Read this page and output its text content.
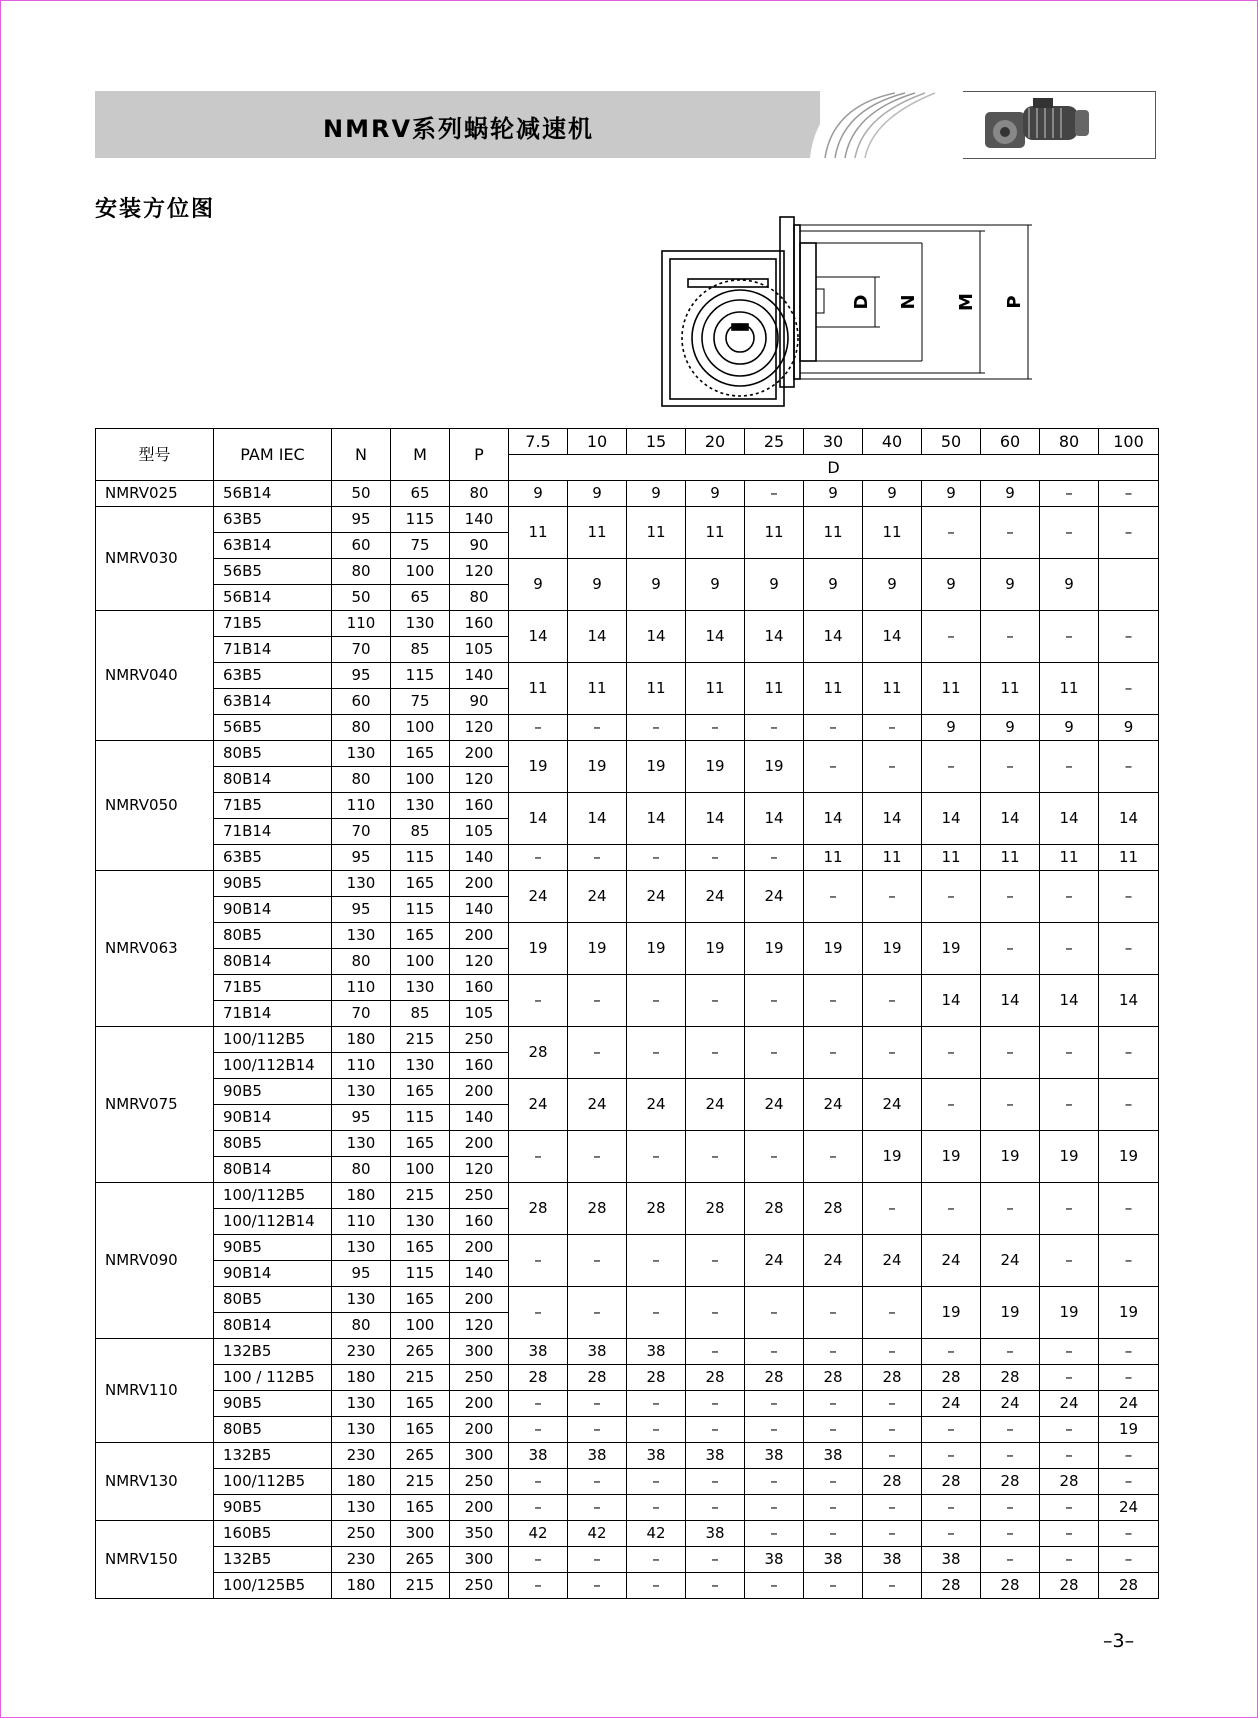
NMRV系列蜗轮减速机
安装方位图
D N M P
型号	PAM IEC	N	M	P	7.5	10	15	20	25	30	40	50	60	80	100
					D										
NMRV025	56B14	50	65	80	9	9	9	9	–	9	9	9	9	–	–
NMRV030	63B5	95	115	140	11	11	11	11	11	11	11	–	–	–	–
	63B14	60	75	90											
	56B5	80	100	120	9	9	9	9	9	9	9	9	9	9	
	56B14	50	65	80											
NMRV040	71B5	110	130	160	14	14	14	14	14	14	14	–	–	–	–
	71B14	70	85	105											
	63B5	95	115	140	11	11	11	11	11	11	11	11	11	11	–
	63B14	60	75	90											
	56B5	80	100	120	–	–	–	–	–	–	–	9	9	9	9
NMRV050	80B5	130	165	200	19	19	19	19	19	–	–	–	–	–	–
	80B14	80	100	120											
	71B5	110	130	160	14	14	14	14	14	14	14	14	14	14	14
	71B14	70	85	105											
	63B5	95	115	140	–	–	–	–	–	11	11	11	11	11	11
NMRV063	90B5	130	165	200	24	24	24	24	24	–	–	–	–	–	–
	90B14	95	115	140											
	80B5	130	165	200	19	19	19	19	19	19	19	19	–	–	–
	80B14	80	100	120											
	71B5	110	130	160	–	–	–	–	–	–	–	14	14	14	14
	71B14	70	85	105											
NMRV075	100/112B5	180	215	250	28	–	–	–	–	–	–	–	–	–	–
	100/112B14	110	130	160											
	90B5	130	165	200	24	24	24	24	24	24	24	–	–	–	–
	90B14	95	115	140											
	80B5	130	165	200	–	–	–	–	–	–	19	19	19	19	19
	80B14	80	100	120											
NMRV090	100/112B5	180	215	250	28	28	28	28	28	28	–	–	–	–	–
	100/112B14	110	130	160											
	90B5	130	165	200	–	–	–	–	24	24	24	24	24	–	–
	90B14	95	115	140											
	80B5	130	165	200	–	–	–	–	–	–	–	19	19	19	19
	80B14	80	100	120											
NMRV110	132B5	230	265	300	38	38	38	–	–	–	–	–	–	–	–
	100 / 112B5	180	215	250	28	28	28	28	28	28	28	28	28	–	–
	90B5	130	165	200	–	–	–	–	–	–	–	24	24	24	24
	80B5	130	165	200	–	–	–	–	–	–	–	–	–	–	19
NMRV130	132B5	230	265	300	38	38	38	38	38	38	–	–	–	–	–
	100/112B5	180	215	250	–	–	–	–	–	–	28	28	28	28	–
	90B5	130	165	200	–	–	–	–	–	–	–	–	–	–	24
NMRV150	160B5	250	300	350	42	42	42	38	–	–	–	–	–	–	–
	132B5	230	265	300	–	–	–	–	38	38	38	38	–	–	–
	100/125B5	180	215	250	–	–	–	–	–	–	–	28	28	28	28
–3–
